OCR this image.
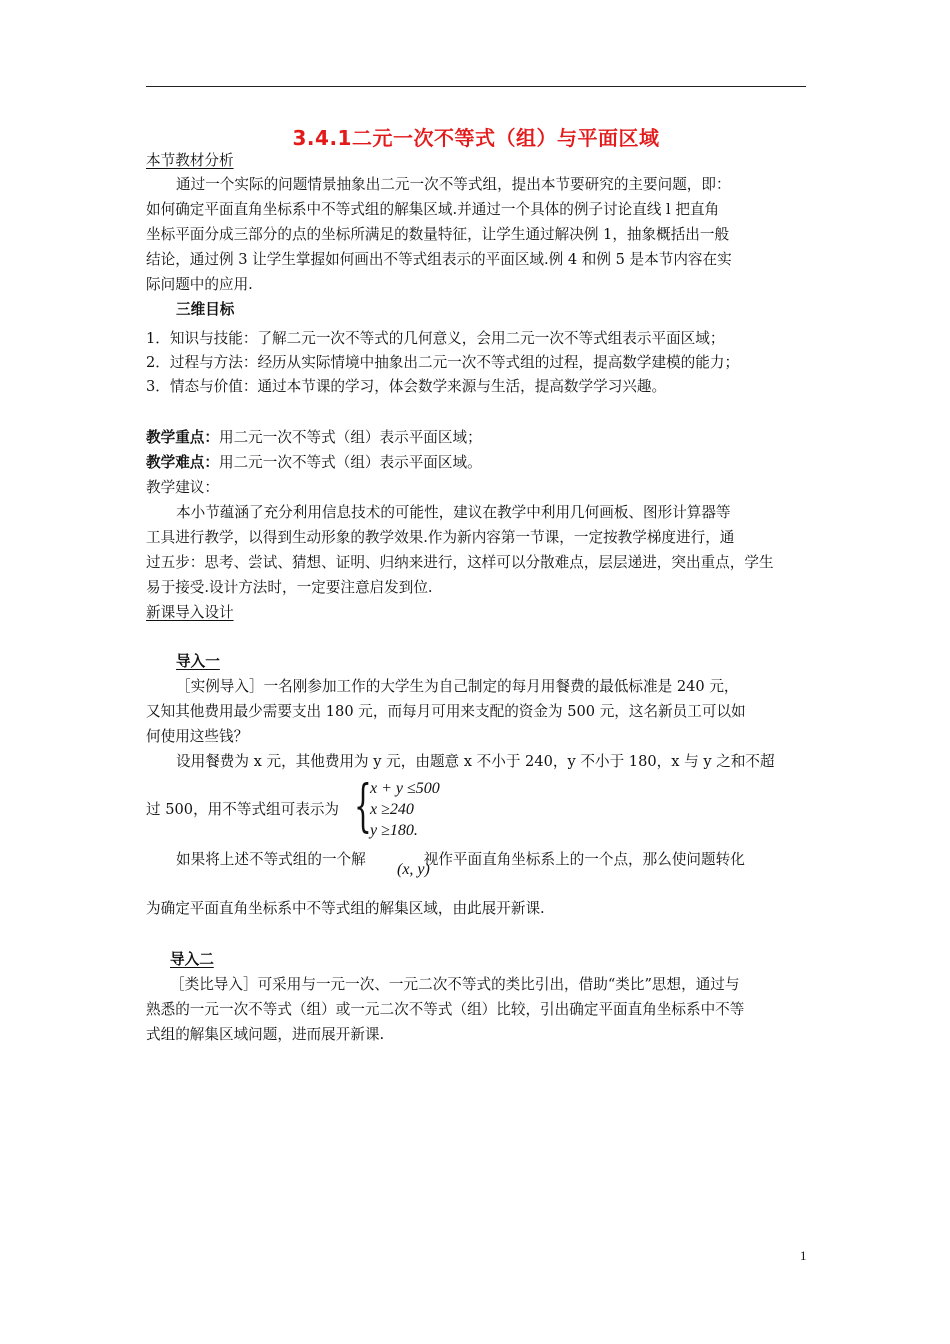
3.4.1二元一次不等式（组）与平面区域
本节教材分析
通过一个实际的问题情景抽象出二元一次不等式组，提出本节要研究的主要问题，即：
如何确定平面直角坐标系中不等式组的解集区域.并通过一个具体的例子讨论直线 l 把直角
坐标平面分成三部分的点的坐标所满足的数量特征，让学生通过解决例 1，抽象概括出一般
结论，通过例 3 让学生掌握如何画出不等式组表示的平面区域.例 4 和例 5 是本节内容在实
际问题中的应用.
三维目标
1．知识与技能：了解二元一次不等式的几何意义，会用二元一次不等式组表示平面区域；
2．过程与方法：经历从实际情境中抽象出二元一次不等式组的过程，提高数学建模的能力；
3．情态与价值：通过本节课的学习，体会数学来源与生活，提高数学学习兴趣。
教学重点：用二元一次不等式（组）表示平面区域；
教学难点：用二元一次不等式（组）表示平面区域。
教学建议：
本小节蕴涵了充分利用信息技术的可能性，建议在教学中利用几何画板、图形计算器等
工具进行教学，以得到生动形象的教学效果.作为新内容第一节课，一定按教学梯度进行，通
过五步：思考、尝试、猜想、证明、归纳来进行，这样可以分散难点，层层递进，突出重点，学生
易于接受.设计方法时，一定要注意启发到位.
新课导入设计
导入一
［实例导入］一名刚参加工作的大学生为自己制定的每月用餐费的最低标准是 240 元，
又知其他费用最少需要支出 180 元，而每月可用来支配的资金为 500 元，这名新员工可以如
何使用这些钱？
设用餐费为 x 元，其他费用为 y 元，由题意 x 不小于 240，y 不小于 180，x 与 y 之和不超
过 500，用不等式组可表示为 {
x + y ≤500
x ≥240
y ≥180.
如果将上述不等式组的一个解	视作平面直角坐标系上的一个点，那么使问题转化
(x, y)
为确定平面直角坐标系中不等式组的解集区域，由此展开新课.
导入二
［类比导入］可采用与一元一次、一元二次不等式的类比引出，借助“类比”思想，通过与
熟悉的一元一次不等式（组）或一元二次不等式（组）比较，引出确定平面直角坐标系中不等
式组的解集区域问题，进而展开新课.
1
